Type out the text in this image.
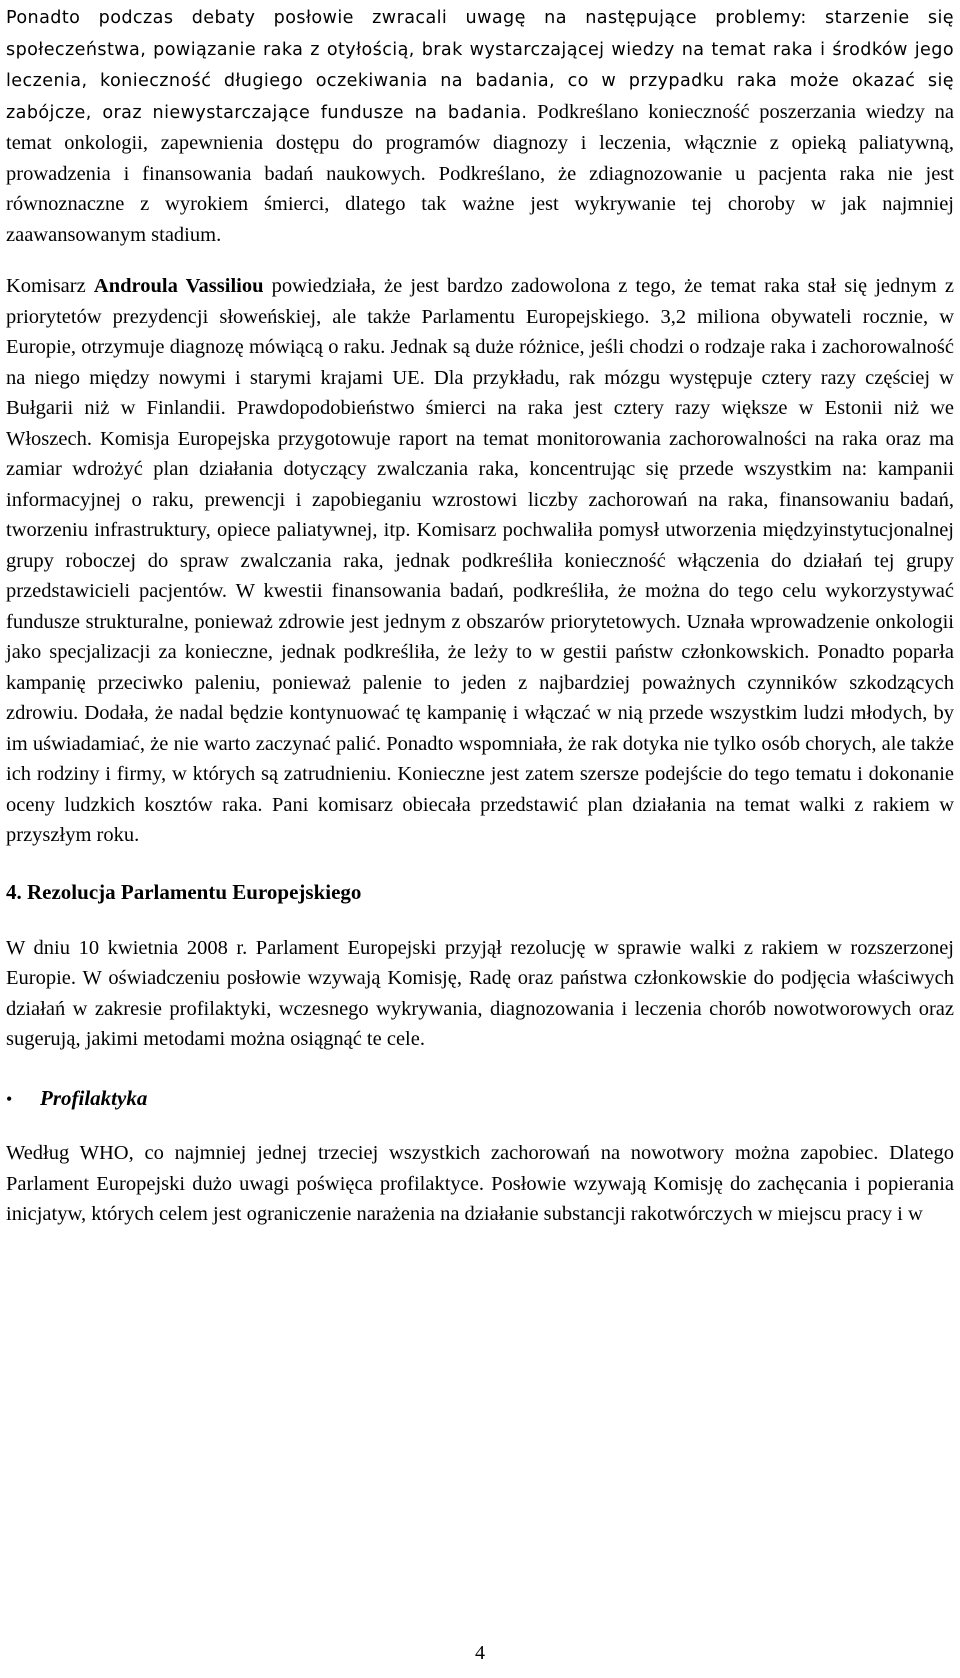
Ponadto podczas debaty posłowie zwracali uwagę na następujące problemy: starzenie się społeczeństwa, powiązanie raka z otyłością, brak wystarczającej wiedzy na temat raka i środków jego leczenia, konieczność długiego oczekiwania na badania, co w przypadku raka może okazać się zabójcze, oraz niewystarczające fundusze na badania. Podkreślano konieczność poszerzania wiedzy na temat onkologii, zapewnienia dostępu do programów diagnozy i leczenia, włącznie z opieką paliatywną, prowadzenia i finansowania badań naukowych. Podkreślano, że zdiagnozowanie u pacjenta raka nie jest równoznaczne z wyrokiem śmierci, dlatego tak ważne jest wykrywanie tej choroby w jak najmniej zaawansowanym stadium.

Komisarz Androula Vassiliou powiedziała, że jest bardzo zadowolona z tego, że temat raka stał się jednym z priorytetów prezydencji słoweńskiej, ale także Parlamentu Europejskiego. 3,2 miliona obywateli rocznie, w Europie, otrzymuje diagnozę mówiącą o raku. Jednak są duże różnice, jeśli chodzi o rodzaje raka i zachorowalność na niego między nowymi i starymi krajami UE. Dla przykładu, rak mózgu występuje cztery razy częściej w Bułgarii niż w Finlandii. Prawdopodobieństwo śmierci na raka jest cztery razy większe w Estonii niż we Włoszech. Komisja Europejska przygotowuje raport na temat monitorowania zachorowalności na raka oraz ma zamiar wdrożyć plan działania dotyczący zwalczania raka, koncentrując się przede wszystkim na: kampanii informacyjnej o raku, prewencji i zapobieganiu wzrostowi liczby zachorowań na raka, finansowaniu badań, tworzeniu infrastruktury, opiece paliatywnej, itp. Komisarz pochwaliła pomysł utworzenia międzyinstytucjonalnej grupy roboczej do spraw zwalczania raka, jednak podkreśliła konieczność włączenia do działań tej grupy przedstawicieli pacjentów. W kwestii finansowania badań, podkreśliła, że można do tego celu wykorzystywać fundusze strukturalne, ponieważ zdrowie jest jednym z obszarów priorytetowych. Uznała wprowadzenie onkologii jako specjalizacji za konieczne, jednak podkreśliła, że leży to w gestii państw członkowskich. Ponadto poparła kampanię przeciwko paleniu, ponieważ palenie to jeden z najbardziej poważnych czynników szkodzących zdrowiu. Dodała, że nadal będzie kontynuować tę kampanię i włączać w nią przede wszystkim ludzi młodych, by im uświadamiać, że nie warto zaczynać palić. Ponadto wspomniała, że rak dotyka nie tylko osób chorych, ale także ich rodziny i firmy, w których są zatrudnieniu. Konieczne jest zatem szersze podejście do tego tematu i dokonanie oceny ludzkich kosztów raka. Pani komisarz obiecała przedstawić plan działania na temat walki z rakiem w przyszłym roku.

4. Rezolucja Parlamentu Europejskiego

W dniu 10 kwietnia 2008 r. Parlament Europejski przyjął rezolucję w sprawie walki z rakiem w rozszerzonej Europie. W oświadczeniu posłowie wzywają Komisję, Radę oraz państwa członkowskie do podjęcia właściwych działań w zakresie profilaktyki, wczesnego wykrywania, diagnozowania i leczenia chorób nowotworowych oraz sugerują, jakimi metodami można osiągnąć te cele.

•	Profilaktyka

Według WHO, co najmniej jednej trzeciej wszystkich zachorowań na nowotwory można zapobiec. Dlatego Parlament Europejski dużo uwagi poświęca profilaktyce. Posłowie wzywają Komisję do zachęcania i popierania inicjatyw, których celem jest ograniczenie narażenia na działanie substancji rakotwórczych w miejscu pracy i w

4
